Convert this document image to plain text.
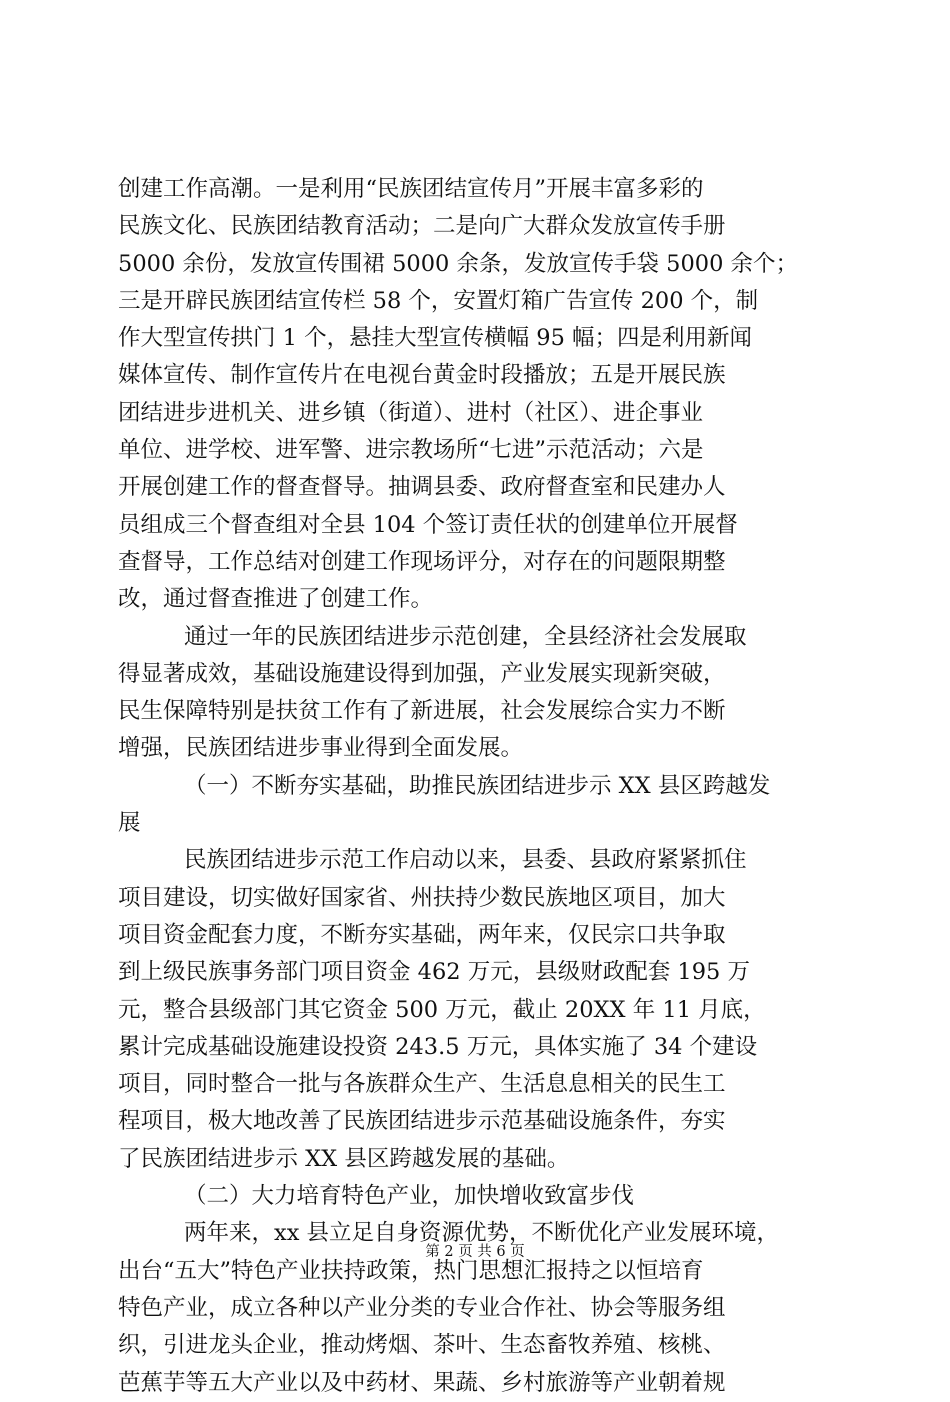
创建工作高潮。一是利用“民族团结宣传月”开展丰富多彩的
民族文化、民族团结教育活动；二是向广大群众发放宣传手册
5000 余份，发放宣传围裙 5000 余条，发放宣传手袋 5000 余个；
三是开辟民族团结宣传栏 58 个，安置灯箱广告宣传 200 个，制
作大型宣传拱门 1 个，悬挂大型宣传横幅 95 幅；四是利用新闻
媒体宣传、制作宣传片在电视台黄金时段播放；五是开展民族
团结进步进机关、进乡镇（街道）、进村（社区）、进企事业
单位、进学校、进军警、进宗教场所“七进”示范活动；六是
开展创建工作的督查督导。抽调县委、政府督查室和民建办人
员组成三个督查组对全县 104 个签订责任状的创建单位开展督
查督导，工作总结对创建工作现场评分，对存在的问题限期整
改，通过督查推进了创建工作。
通过一年的民族团结进步示范创建，全县经济社会发展取
得显著成效，基础设施建设得到加强，产业发展实现新突破，
民生保障特别是扶贫工作有了新进展，社会发展综合实力不断
增强，民族团结进步事业得到全面发展。
（一）不断夯实基础，助推民族团结进步示 XX 县区跨越发
展
民族团结进步示范工作启动以来，县委、县政府紧紧抓住
项目建设，切实做好国家省、州扶持少数民族地区项目，加大
项目资金配套力度，不断夯实基础，两年来，仅民宗口共争取
到上级民族事务部门项目资金 462 万元，县级财政配套 195 万
元，整合县级部门其它资金 500 万元，截止 20XX 年 11 月底，
累计完成基础设施建设投资 243.5 万元，具体实施了 34 个建设
项目，同时整合一批与各族群众生产、生活息息相关的民生工
程项目，极大地改善了民族团结进步示范基础设施条件，夯实
了民族团结进步示 XX 县区跨越发展的基础。
（二）大力培育特色产业，加快增收致富步伐
两年来，xx 县立足自身资源优势，不断优化产业发展环境，
出台“五大”特色产业扶持政策，热门思想汇报持之以恒培育
特色产业，成立各种以产业分类的专业合作社、协会等服务组
织，引进龙头企业，推动烤烟、茶叶、生态畜牧养殖、核桃、
芭蕉芋等五大产业以及中药材、果蔬、乡村旅游等产业朝着规
第 2 页 共 6 页
